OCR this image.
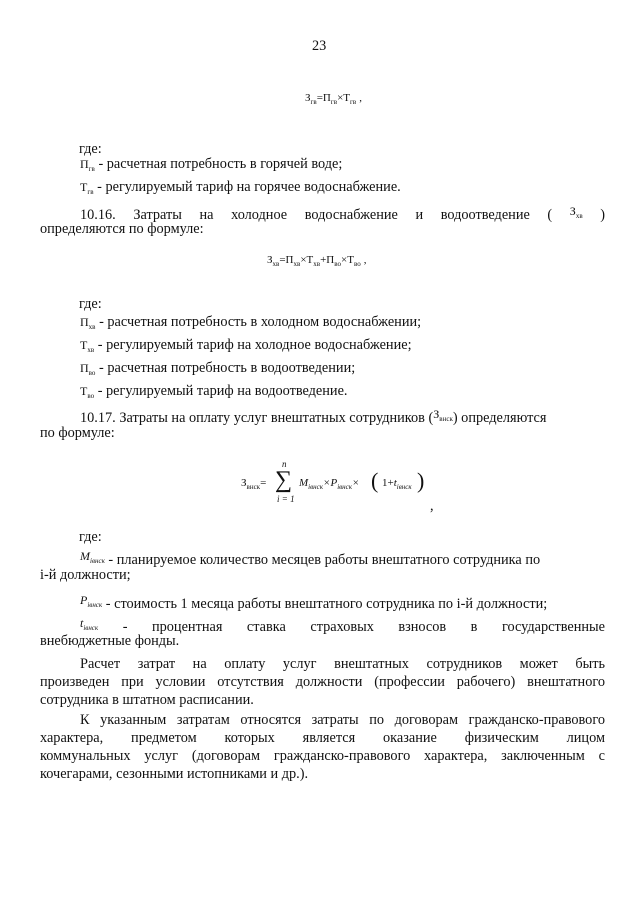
23
$З_{гв}=П_{гв}\times Т_{гв}$ ,
где:
$П_{гв}$ - расчетная потребность в горячей воде;
$Т_{гв}$ - регулируемый тариф на горячее водоснабжение.
10.16. Затраты на холодное водоснабжение и водоотведение ( $^{З_{хв}}$ )
определяются по формуле:
$З_{хв}=П_{хв}\times Т_{хв}+П_{во}\times Т_{во}$ ,
где:
$П_{хв}$ - расчетная потребность в холодном водоснабжении;
$Т_{хв}$ - регулируемый тариф на холодное водоснабжение;
$П_{во}$ - расчетная потребность в водоотведении;
$Т_{во}$ - регулируемый тариф на водоотведение.
10.17. Затраты на оплату услуг внештатных сотрудников ($^{З_{внск}}$) определяются
по формуле:
$З_{внск}=$
n
∑
i = 1
$M_{iвнск}\times P_{iвнск}\times$ ( $1+t_{iвнск}$ )
,
где:
$^{M_{iвнск}}$ - планируемое количество месяцев работы внештатного сотрудника по
i-й должности;
$^{P_{iвнск}}$ - стоимость 1 месяца работы внештатного сотрудника по i-й должности;
$^{t_{iвнск}}$ - процентная ставка страховых взносов в государственные
внебюджетные фонды.
Расчет затрат на оплату услуг внештатных сотрудников может быть
произведен при условии отсутствия должности (профессии рабочего) внештатного
сотрудника в штатном расписании.
К указанным затратам относятся затраты по договорам гражданско-правового
характера, предметом которых является оказание физическим лицом
коммунальных услуг (договорам гражданско-правового характера, заключенным с
кочегарами, сезонными истопниками и др.).
